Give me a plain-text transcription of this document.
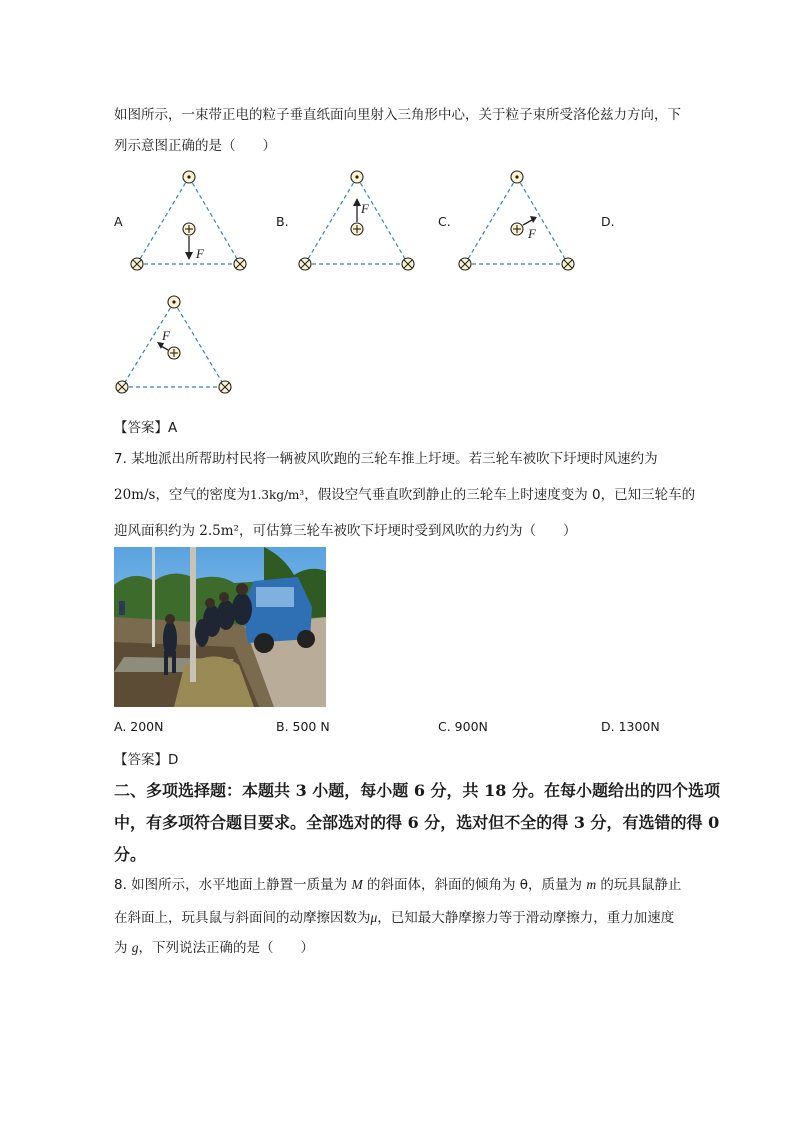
如图所示，一束带正电的粒子垂直纸面向里射入三角形中心，关于粒子束所受洛伦兹力方向，下
列示意图正确的是（　　）
A	B.	C.	D.
F
F
F
F
【答案】A
7. 某地派出所帮助村民将一辆被风吹跑的三轮车推上圩埂。若三轮车被吹下圩埂时风速约为
20m/s，空气的密度为1.3kg/m³，假设空气垂直吹到静止的三轮车上时速度变为 0，已知三轮车的
迎风面积约为 2.5m²，可估算三轮车被吹下圩埂时受到风吹的力约为（　　）
A. 200N	B. 500 N	C. 900N	D. 1300N
【答案】D
二、多项选择题：本题共 3 小题，每小题 6 分，共 18 分。在每小题给出的四个选项
中，有多项符合题目要求。全部选对的得 6 分，选对但不全的得 3 分，有选错的得 0
分。
8. 如图所示，水平地面上静置一质量为 M 的斜面体，斜面的倾角为 θ，质量为 m 的玩具鼠静止
在斜面上，玩具鼠与斜面间的动摩擦因数为μ，已知最大静摩擦力等于滑动摩擦力，重力加速度
为 g，下列说法正确的是（　　）
